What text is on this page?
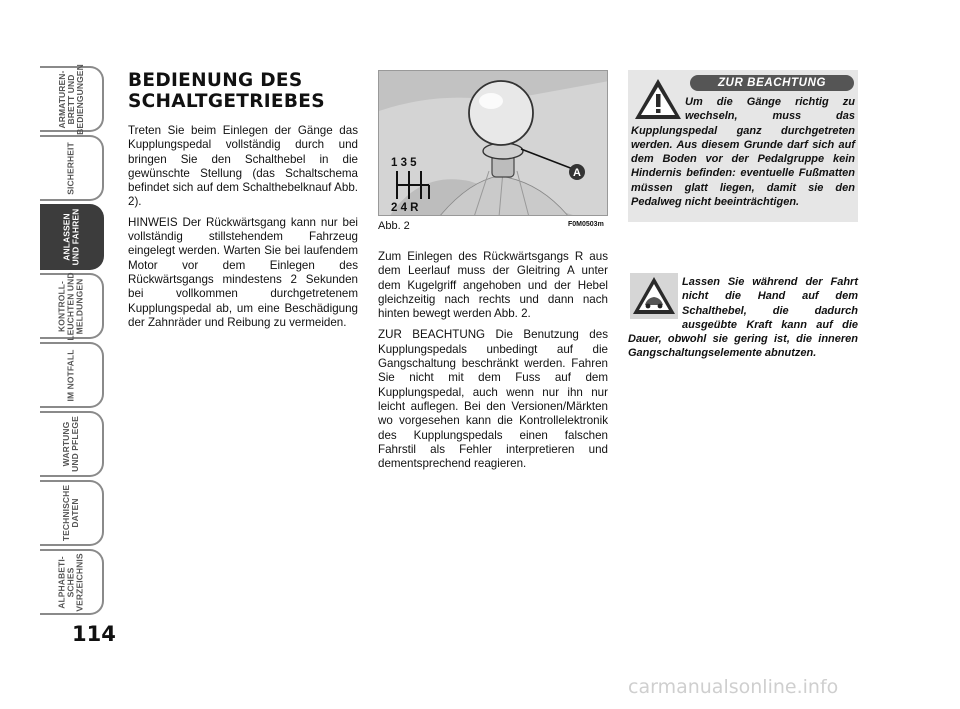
ARMATUREN-
BRETT UND
BEDIENGUNGEN
SICHERHEIT
ANLASSEN
UND FAHREN
KONTROLL-
LEUCHTEN UND
MELDUNGEN
IM NOTFALL
WARTUNG
UND PFLEGE
TECHNISCHE
DATEN
ALPHABETI-
SCHES
VERZEICHNIS
114
BEDIENUNG DES
SCHALTGETRIEBES

Treten Sie beim Einlegen der Gänge das Kupplungspedal vollständig durch und bringen Sie den Schalthebel in die gewünschte Stellung (das Schaltschema befindet sich auf dem Schalthebelknauf Abb. 2).

HINWEIS Der Rückwärtsgang kann nur bei vollständig stillstehendem Fahrzeug eingelegt werden. Warten Sie bei laufendem Motor vor dem Einlegen des Rückwärtsgangs mindestens 2 Sekunden bei vollkommen durchgetretenem Kupplungspedal ab, um eine Beschädigung der Zahnräder und Reibung zu vermeiden.

A
1 3 5
2 4 R
Abb. 2	F0M0503m

Zum Einlegen des Rückwärtsgangs R aus dem Leerlauf muss der Gleitring A unter dem Kugelgriff angehoben und der Hebel gleichzeitig nach rechts und dann nach hinten bewegt werden Abb. 2.

ZUR BEACHTUNG Die Benutzung des Kupplungspedals unbedingt auf die Gangschaltung beschränkt werden. Fahren Sie nicht mit dem Fuss auf dem Kupplungspedal, auch wenn nur ihn nur leicht auflegen. Bei den Versionen/Märkten wo vorgesehen kann die Kontrollelektronik des Kupplungspedals einen falschen Fahrstil als Fehler interpretieren und dementsprechend reagieren.

ZUR BEACHTUNG
Um die Gänge richtig zu wechseln, muss das Kupplungspedal ganz durchgetreten werden. Aus diesem Grunde darf sich auf dem Boden vor der Pedalgruppe kein Hindernis befinden: eventuelle Fußmatten müssen glatt liegen, damit sie den Pedalweg nicht beeinträchtigen.
Lassen Sie während der Fahrt nicht die Hand auf dem Schalthebel, die dadurch ausgeübte Kraft kann auf die Dauer, obwohl sie gering ist, die inneren Gangschaltungselemente abnutzen.
carmanualsonline.info
